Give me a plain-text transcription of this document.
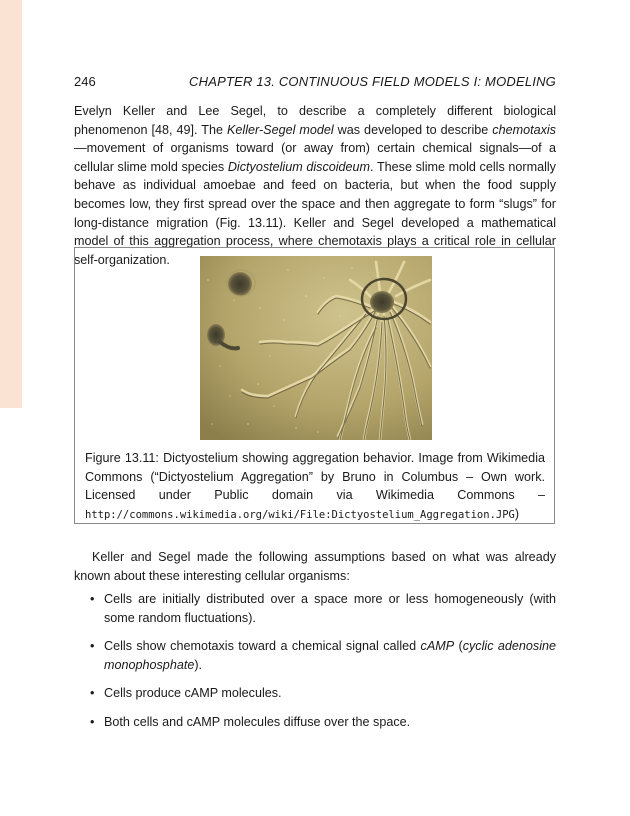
246	CHAPTER 13. CONTINUOUS FIELD MODELS I: MODELING

Evelyn Keller and Lee Segel, to describe a completely different biological phenomenon [48, 49]. The Keller-Segel model was developed to describe chemotaxis—movement of organisms toward (or away from) certain chemical signals—of a cellular slime mold species Dictyostelium discoideum. These slime mold cells normally behave as individual amoebae and feed on bacteria, but when the food supply becomes low, they first spread over the space and then aggregate to form “slugs” for long-distance migration (Fig. 13.11). Keller and Segel developed a mathematical model of this aggregation process, where chemotaxis plays a critical role in cellular self-organization.

Figure 13.11: Dictyostelium showing aggregation behavior. Image from Wikimedia Commons (“Dictyostelium Aggregation” by Bruno in Columbus – Own work. Licensed under Public domain via Wikimedia Commons – http://commons.wikimedia.org/wiki/File:Dictyostelium_Aggregation.JPG)

Keller and Segel made the following assumptions based on what was already known about these interesting cellular organisms:

• Cells are initially distributed over a space more or less homogeneously (with some random fluctuations).
• Cells show chemotaxis toward a chemical signal called cAMP (cyclic adenosine monophosphate).
• Cells produce cAMP molecules.
• Both cells and cAMP molecules diffuse over the space.
